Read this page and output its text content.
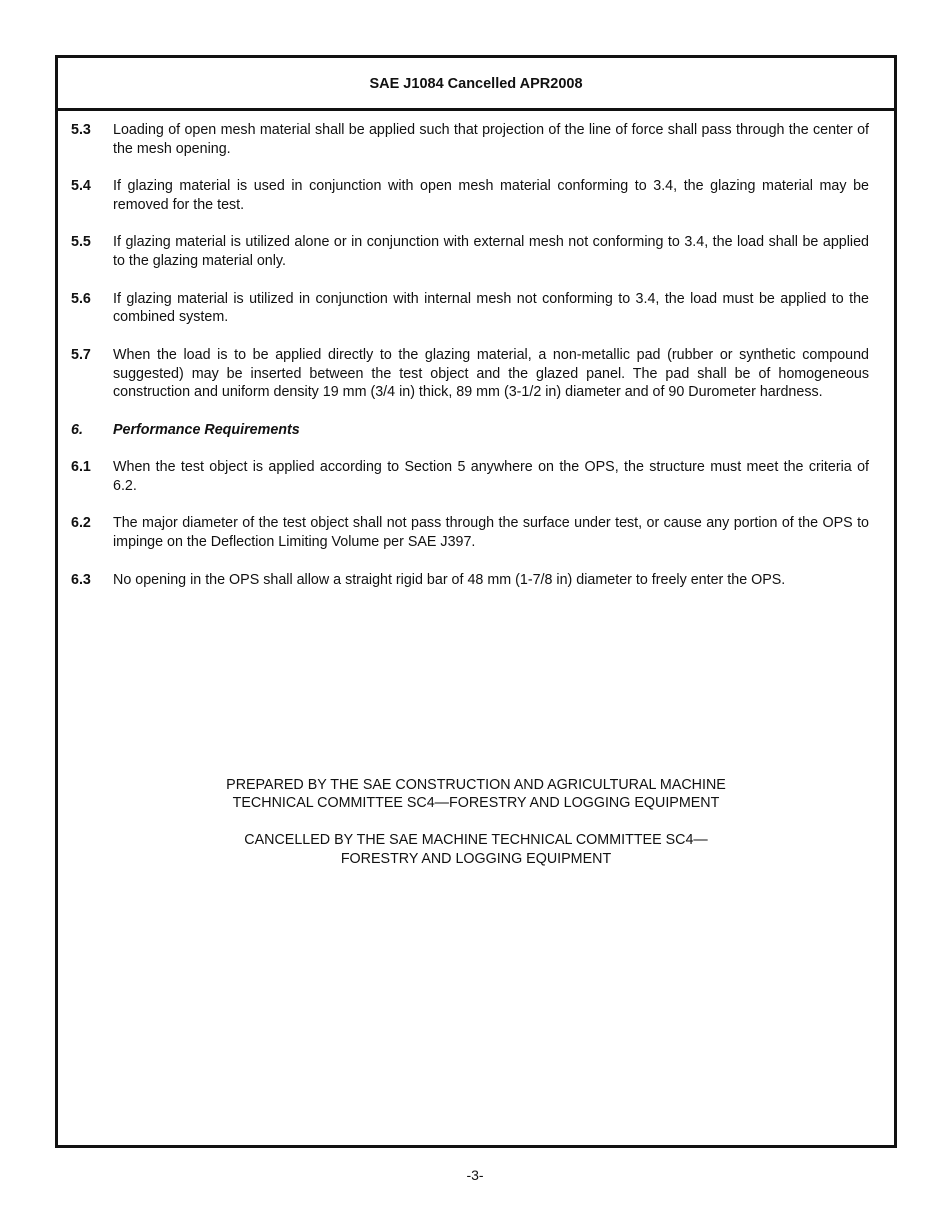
SAE J1084 Cancelled APR2008
5.3	Loading of open mesh material shall be applied such that projection of the line of force shall pass through the center of the mesh opening.
5.4	If glazing material is used in conjunction with open mesh material conforming to 3.4, the glazing material may be removed for the test.
5.5	If glazing material is utilized alone or in conjunction with external mesh not conforming to 3.4, the load shall be applied to the glazing material only.
5.6	If glazing material is utilized in conjunction with internal mesh not conforming to 3.4, the load must be applied to the combined system.
5.7	When the load is to be applied directly to the glazing material, a non-metallic pad (rubber or synthetic compound suggested) may be inserted between the test object and the glazed panel. The pad shall be of homogeneous construction and uniform density 19 mm (3/4 in) thick, 89 mm (3-1/2 in) diameter and of 90 Durometer hardness.
6.	Performance Requirements
6.1	When the test object is applied according to Section 5 anywhere on the OPS, the structure must meet the criteria of 6.2.
6.2	The major diameter of the test object shall not pass through the surface under test, or cause any portion of the OPS to impinge on the Deflection Limiting Volume per SAE J397.
6.3	No opening in the OPS shall allow a straight rigid bar of 48 mm (1-7/8 in) diameter to freely enter the OPS.
PREPARED BY THE SAE CONSTRUCTION AND AGRICULTURAL MACHINE
TECHNICAL COMMITTEE SC4—FORESTRY AND LOGGING EQUIPMENT
CANCELLED BY THE SAE MACHINE TECHNICAL COMMITTEE SC4—
FORESTRY AND LOGGING EQUIPMENT
-3-
